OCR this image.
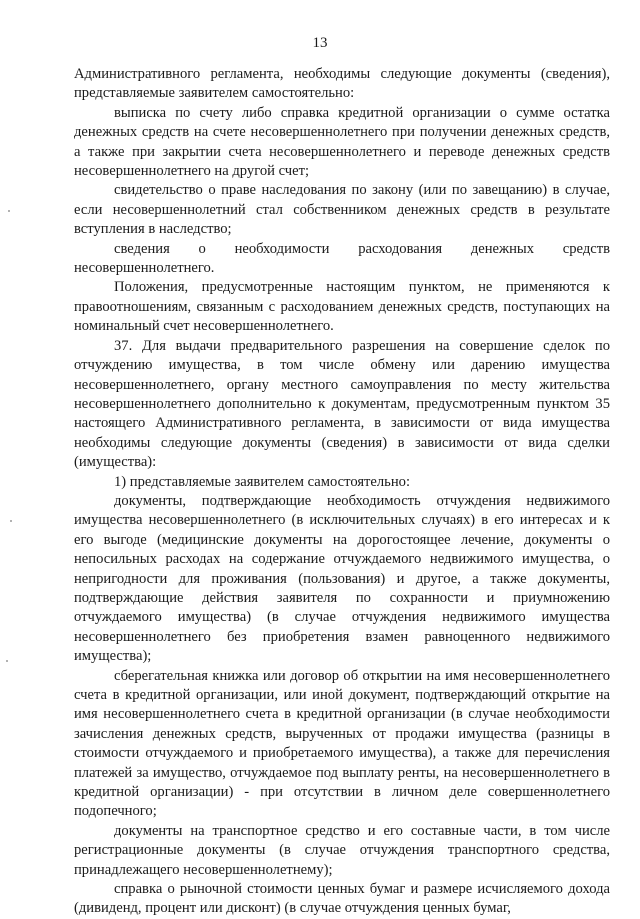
13

Административного регламента, необходимы следующие документы (сведения), представляемые заявителем самостоятельно:

выписка по счету либо справка кредитной организации о сумме остатка денежных средств на счете несовершеннолетнего при получении денежных средств, а также при закрытии счета несовершеннолетнего и переводе денежных средств несовершеннолетнего на другой счет;

свидетельство о праве наследования по закону (или по завещанию) в случае, если несовершеннолетний стал собственником денежных средств в результате вступления в наследство;

сведения о необходимости расходования денежных средств несовершеннолетнего.

Положения, предусмотренные настоящим пунктом, не применяются к правоотношениям, связанным с расходованием денежных средств, поступающих на номинальный счет несовершеннолетнего.

37. Для выдачи предварительного разрешения на совершение сделок по отчуждению имущества, в том числе обмену или дарению имущества несовершеннолетнего, органу местного самоуправления по месту жительства несовершеннолетнего дополнительно к документам, предусмотренным пунктом 35 настоящего Административного регламента, в зависимости от вида имущества необходимы следующие документы (сведения) в зависимости от вида сделки (имущества):

1) представляемые заявителем самостоятельно:

документы, подтверждающие необходимость отчуждения недвижимого имущества несовершеннолетнего (в исключительных случаях) в его интересах и к его выгоде (медицинские документы на дорогостоящее лечение, документы о непосильных расходах на содержание отчуждаемого недвижимого имущества, о непригодности для проживания (пользования) и другое, а также документы, подтверждающие действия заявителя по сохранности и приумножению отчуждаемого имущества) (в случае отчуждения недвижимого имущества несовершеннолетнего без приобретения взамен равноценного недвижимого имущества);

сберегательная книжка или договор об открытии на имя несовершеннолетнего счета в кредитной организации, или иной документ, подтверждающий открытие на имя несовершеннолетнего счета в кредитной организации (в случае необходимости зачисления денежных средств, вырученных от продажи имущества (разницы в стоимости отчуждаемого и приобретаемого имущества), а также для перечисления платежей за имущество, отчуждаемое под выплату ренты, на несовершеннолетнего в кредитной организации) - при отсутствии в личном деле совершеннолетнего подопечного;

документы на транспортное средство и его составные части, в том числе регистрационные документы (в случае отчуждения транспортного средства, принадлежащего несовершеннолетнему);

справка о рыночной стоимости ценных бумаг и размере исчисляемого дохода (дивиденд, процент или дисконт) (в случае отчуждения ценных бумаг,
